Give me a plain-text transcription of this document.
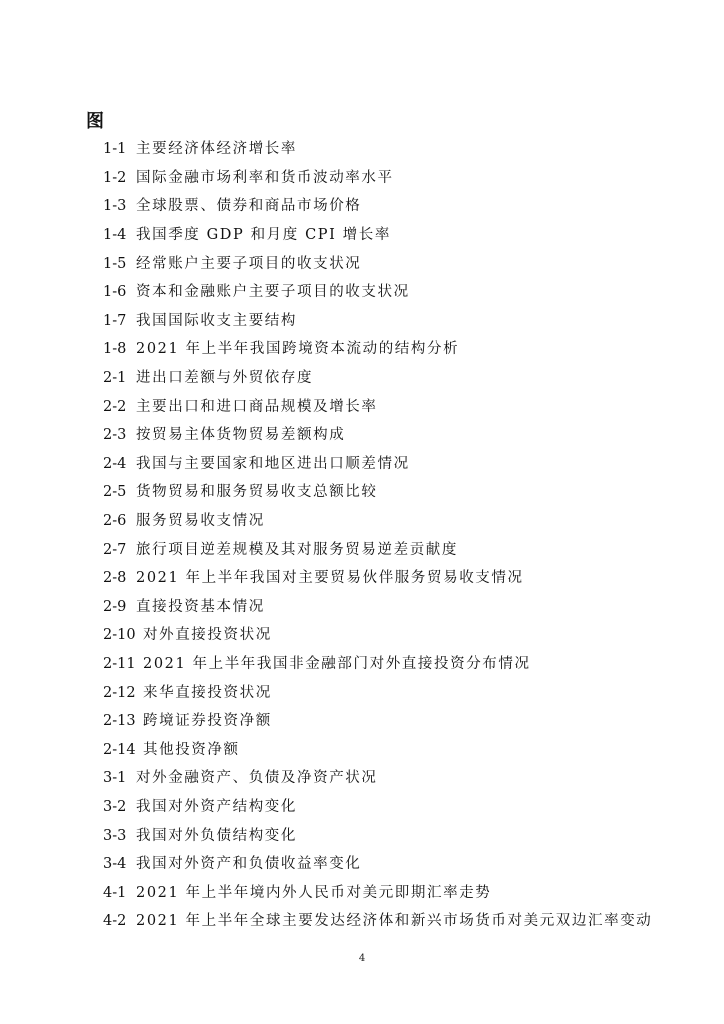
图
1-1 主要经济体经济增长率
1-2 国际金融市场利率和货币波动率水平
1-3 全球股票、债券和商品市场价格
1-4 我国季度 GDP 和月度 CPI 增长率
1-5 经常账户主要子项目的收支状况
1-6 资本和金融账户主要子项目的收支状况
1-7 我国国际收支主要结构
1-8 2021 年上半年我国跨境资本流动的结构分析
2-1 进出口差额与外贸依存度
2-2 主要出口和进口商品规模及增长率
2-3 按贸易主体货物贸易差额构成
2-4 我国与主要国家和地区进出口顺差情况
2-5 货物贸易和服务贸易收支总额比较
2-6 服务贸易收支情况
2-7 旅行项目逆差规模及其对服务贸易逆差贡献度
2-8 2021 年上半年我国对主要贸易伙伴服务贸易收支情况
2-9 直接投资基本情况
2-10 对外直接投资状况
2-11 2021 年上半年我国非金融部门对外直接投资分布情况
2-12 来华直接投资状况
2-13 跨境证券投资净额
2-14 其他投资净额
3-1 对外金融资产、负债及净资产状况
3-2 我国对外资产结构变化
3-3 我国对外负债结构变化
3-4 我国对外资产和负债收益率变化
4-1 2021 年上半年境内外人民币对美元即期汇率走势
4-2 2021 年上半年全球主要发达经济体和新兴市场货币对美元双边汇率变动
4
